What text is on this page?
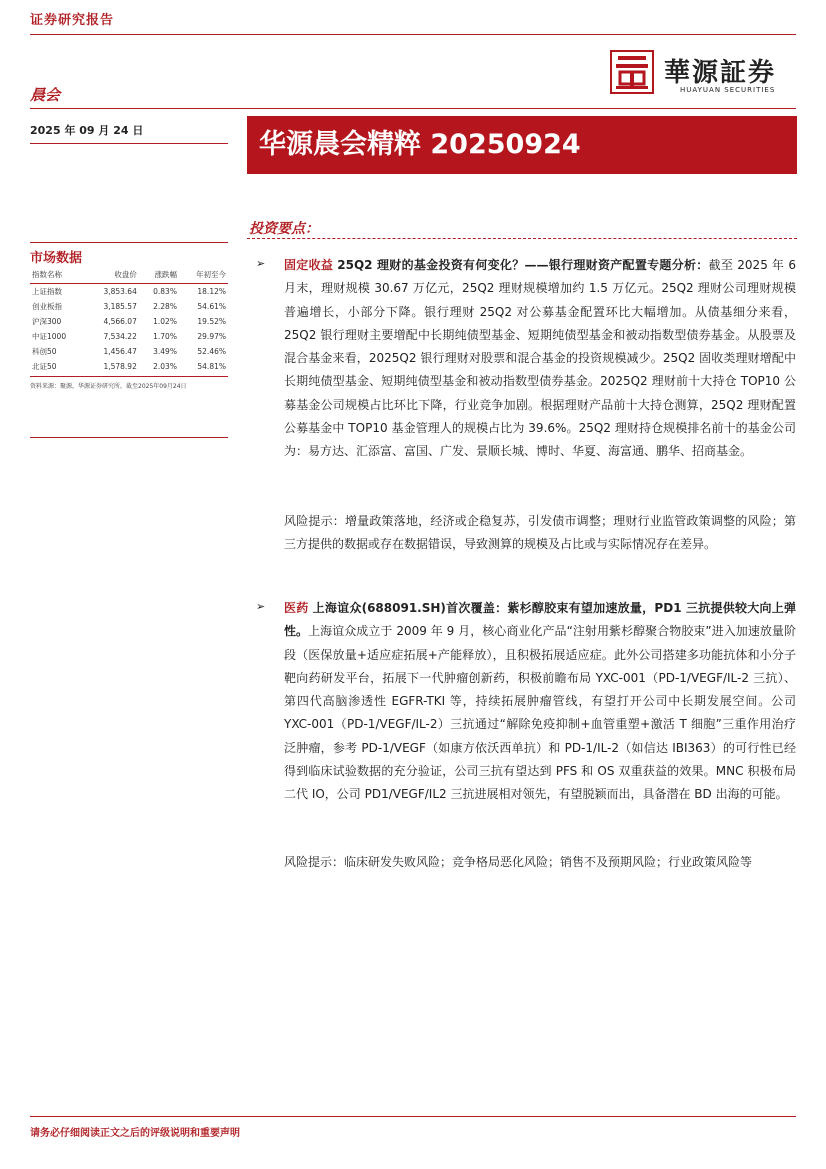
证券研究报告
華源証券
HUAYUAN SECURITIES
晨会
2025 年 09 月 24 日	华源晨会精粹 20250924
投资要点：
市场数据
指数名称	收盘价	涨跌幅	年初至今
上证指数	3,853.64	0.83%	18.12%
创业板指	3,185.57	2.28%	54.61%
沪深300	4,566.07	1.02%	19.52%
中证1000	7,534.22	1.70%	29.97%
科创50	1,456.47	3.49%	52.46%
北证50	1,578.92	2.03%	54.81%
资料来源：聚源，华源证券研究所，截至2025年09月24日
➢ 固定收益 25Q2 理财的基金投资有何变化？——银行理财资产配置专题分析：截至 2025 年 6 月末，理财规模 30.67 万亿元，25Q2 理财规模增加约 1.5 万亿元。25Q2 理财公司理财规模普遍增长，小部分下降。银行理财 25Q2 对公募基金配置环比大幅增加。从债基细分来看，25Q2 银行理财主要增配中长期纯债型基金、短期纯债型基金和被动指数型债券基金。从股票及混合基金来看，2025Q2 银行理财对股票和混合基金的投资规模减少。25Q2 固收类理财增配中长期纯债型基金、短期纯债型基金和被动指数型债券基金。2025Q2 理财前十大持仓 TOP10 公募基金公司规模占比环比下降，行业竞争加剧。根据理财产品前十大持仓测算，25Q2 理财配置公募基金中 TOP10 基金管理人的规模占比为 39.6%。25Q2 理财持仓规模排名前十的基金公司为：易方达、汇添富、富国、广发、景顺长城、博时、华夏、海富通、鹏华、招商基金。
风险提示：增量政策落地，经济或企稳复苏，引发债市调整；理财行业监管政策调整的风险；第三方提供的数据或存在数据错误，导致测算的规模及占比或与实际情况存在差异。
➢ 医药 上海谊众(688091.SH)首次覆盖：紫杉醇胶束有望加速放量，PD1 三抗提供较大向上弹性。上海谊众成立于 2009 年 9 月，核心商业化产品“注射用紫杉醇聚合物胶束”进入加速放量阶段（医保放量+适应症拓展+产能释放），且积极拓展适应症。此外公司搭建多功能抗体和小分子靶向药研发平台，拓展下一代肿瘤创新药，积极前瞻布局 YXC-001（PD-1/VEGF/IL-2 三抗）、第四代高脑渗透性 EGFR-TKI 等，持续拓展肿瘤管线，有望打开公司中长期发展空间。公司 YXC-001（PD-1/VEGF/IL-2）三抗通过“解除免疫抑制+血管重塑+激活 T 细胞”三重作用治疗泛肿瘤，参考 PD-1/VEGF（如康方依沃西单抗）和 PD-1/IL-2（如信达 IBI363）的可行性已经得到临床试验数据的充分验证，公司三抗有望达到 PFS 和 OS 双重获益的效果。MNC 积极布局二代 IO，公司 PD1/VEGF/IL2 三抗进展相对领先，有望脱颖而出，具备潜在 BD 出海的可能。
风险提示：临床研发失败风险；竞争格局恶化风险；销售不及预期风险；行业政策风险等
请务必仔细阅读正文之后的评级说明和重要声明
